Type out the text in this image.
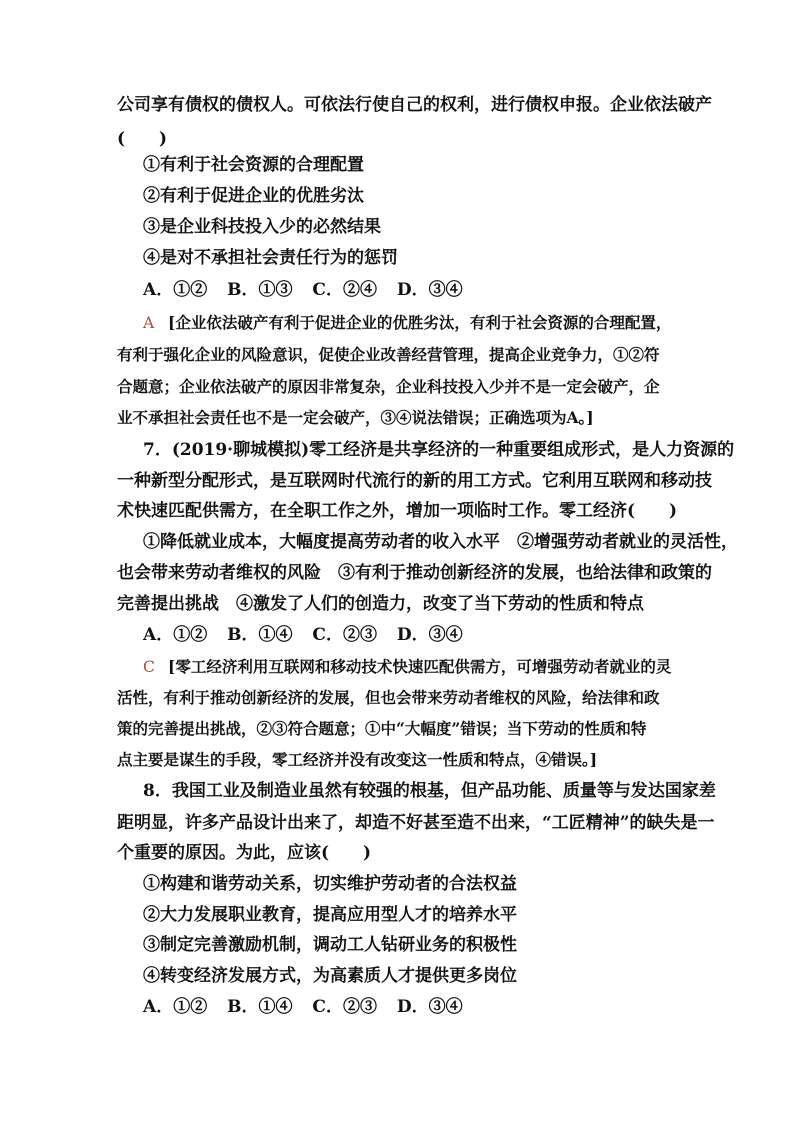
公司享有债权的债权人。可依法行使自己的权利，进行债权申报。企业依法破产
(　　)
①有利于社会资源的合理配置
②有利于促进企业的优胜劣汰
③是企业科技投入少的必然结果
④是对不承担社会责任行为的惩罚
A．①② B．①③ C．②④ D．③④
A [企业依法破产有利于促进企业的优胜劣汰，有利于社会资源的合理配置，
有利于强化企业的风险意识，促使企业改善经营管理，提高企业竞争力，①②符
合题意；企业依法破产的原因非常复杂，企业科技投入少并不是一定会破产，企
业不承担社会责任也不是一定会破产，③④说法错误；正确选项为A。]
7．(2019·聊城模拟)零工经济是共享经济的一种重要组成形式，是人力资源的
一种新型分配形式，是互联网时代流行的新的用工方式。它利用互联网和移动技
术快速匹配供需方，在全职工作之外，增加一项临时工作。零工经济(　　)
①降低就业成本，大幅度提高劳动者的收入水平　②增强劳动者就业的灵活性，
也会带来劳动者维权的风险　③有利于推动创新经济的发展，也给法律和政策的
完善提出挑战　④激发了人们的创造力，改变了当下劳动的性质和特点
A．①② B．①④ C．②③ D．③④
C [零工经济利用互联网和移动技术快速匹配供需方，可增强劳动者就业的灵
活性，有利于推动创新经济的发展，但也会带来劳动者维权的风险，给法律和政
策的完善提出挑战，②③符合题意；①中“大幅度”错误；当下劳动的性质和特
点主要是谋生的手段，零工经济并没有改变这一性质和特点，④错误。]
8．我国工业及制造业虽然有较强的根基，但产品功能、质量等与发达国家差
距明显，许多产品设计出来了，却造不好甚至造不出来，“工匠精神”的缺失是一
个重要的原因。为此，应该(　　)
①构建和谐劳动关系，切实维护劳动者的合法权益
②大力发展职业教育，提高应用型人才的培养水平
③制定完善激励机制，调动工人钻研业务的积极性
④转变经济发展方式，为高素质人才提供更多岗位
A．①② B．①④ C．②③ D．③④
